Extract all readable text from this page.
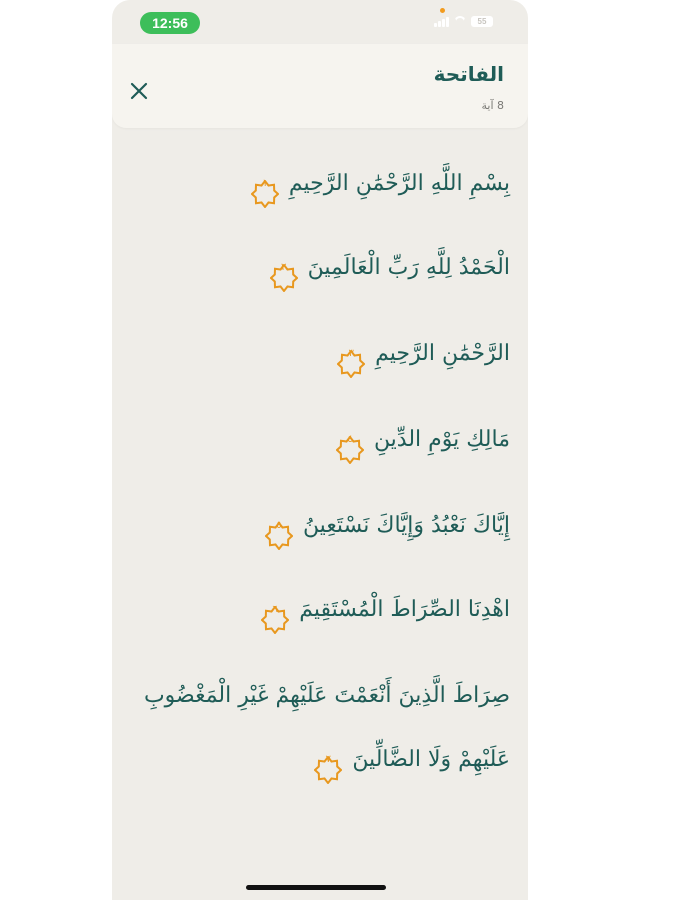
12:56	55
الفاتحة
8 آية
بِسْمِ اللَّهِ الرَّحْمَٰنِ الرَّحِيمِ
١
الْحَمْدُ لِلَّهِ رَبِّ الْعَالَمِينَ
٢
الرَّحْمَٰنِ الرَّحِيمِ
٣
مَالِكِ يَوْمِ الدِّينِ
٤
إِيَّاكَ نَعْبُدُ وَإِيَّاكَ نَسْتَعِينُ
٥
اهْدِنَا الصِّرَاطَ الْمُسْتَقِيمَ
٦
صِرَاطَ الَّذِينَ أَنْعَمْتَ عَلَيْهِمْ غَيْرِ الْمَغْضُوبِ عَلَيْهِمْ وَلَا الضَّالِّينَ
٧
